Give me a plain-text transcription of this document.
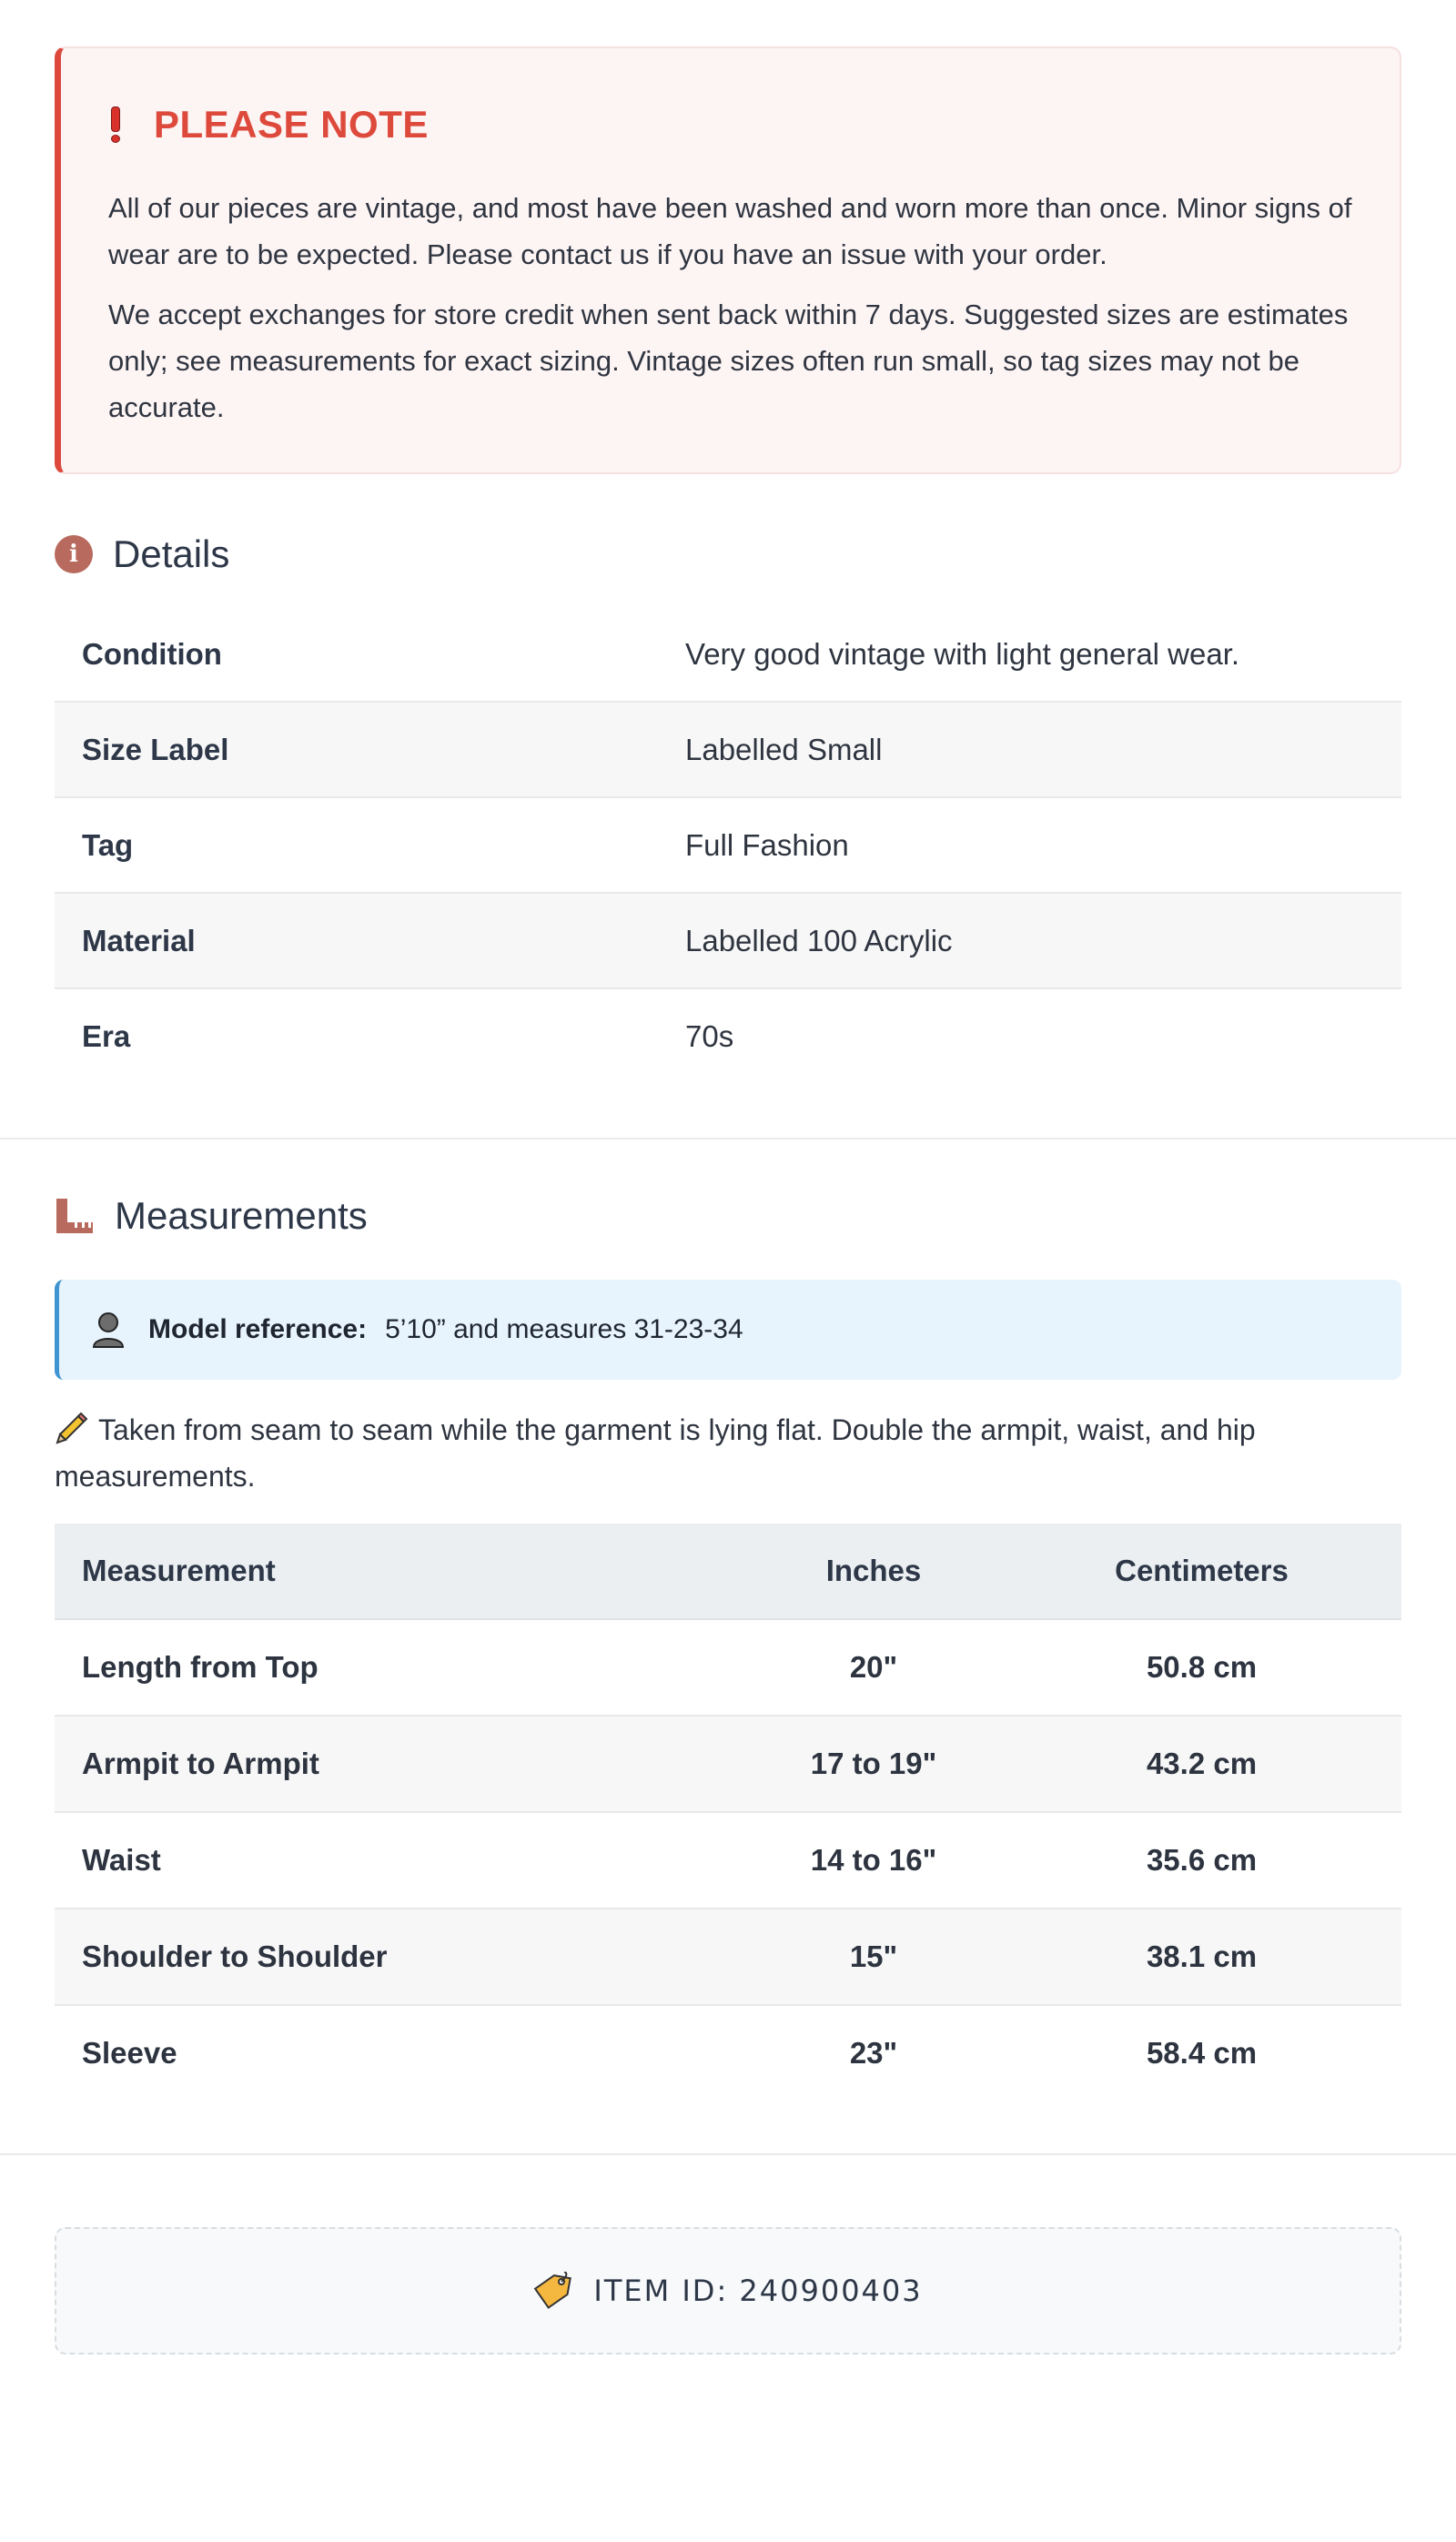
PLEASE NOTE

All of our pieces are vintage, and most have been washed and worn more than once. Minor signs of wear are to be expected. Please contact us if you have an issue with your order.

We accept exchanges for store credit when sent back within 7 days. Suggested sizes are estimates only; see measurements for exact sizing. Vintage sizes often run small, so tag sizes may not be accurate.

i Details
Condition	Very good vintage with light general wear.
Size Label	Labelled Small
Tag	Full Fashion
Material	Labelled 100 Acrylic
Era	70s
Measurements
Model reference: 5’10” and measures 31-23-34

Taken from seam to seam while the garment is lying flat. Double the armpit, waist, and hip measurements.

Measurement	Inches	Centimeters
Length from Top	20"	50.8 cm
Armpit to Armpit	17 to 19"	43.2 cm
Waist	14 to 16"	35.6 cm
Shoulder to Shoulder	15"	38.1 cm
Sleeve	23"	58.4 cm
ITEM ID: 240900403
